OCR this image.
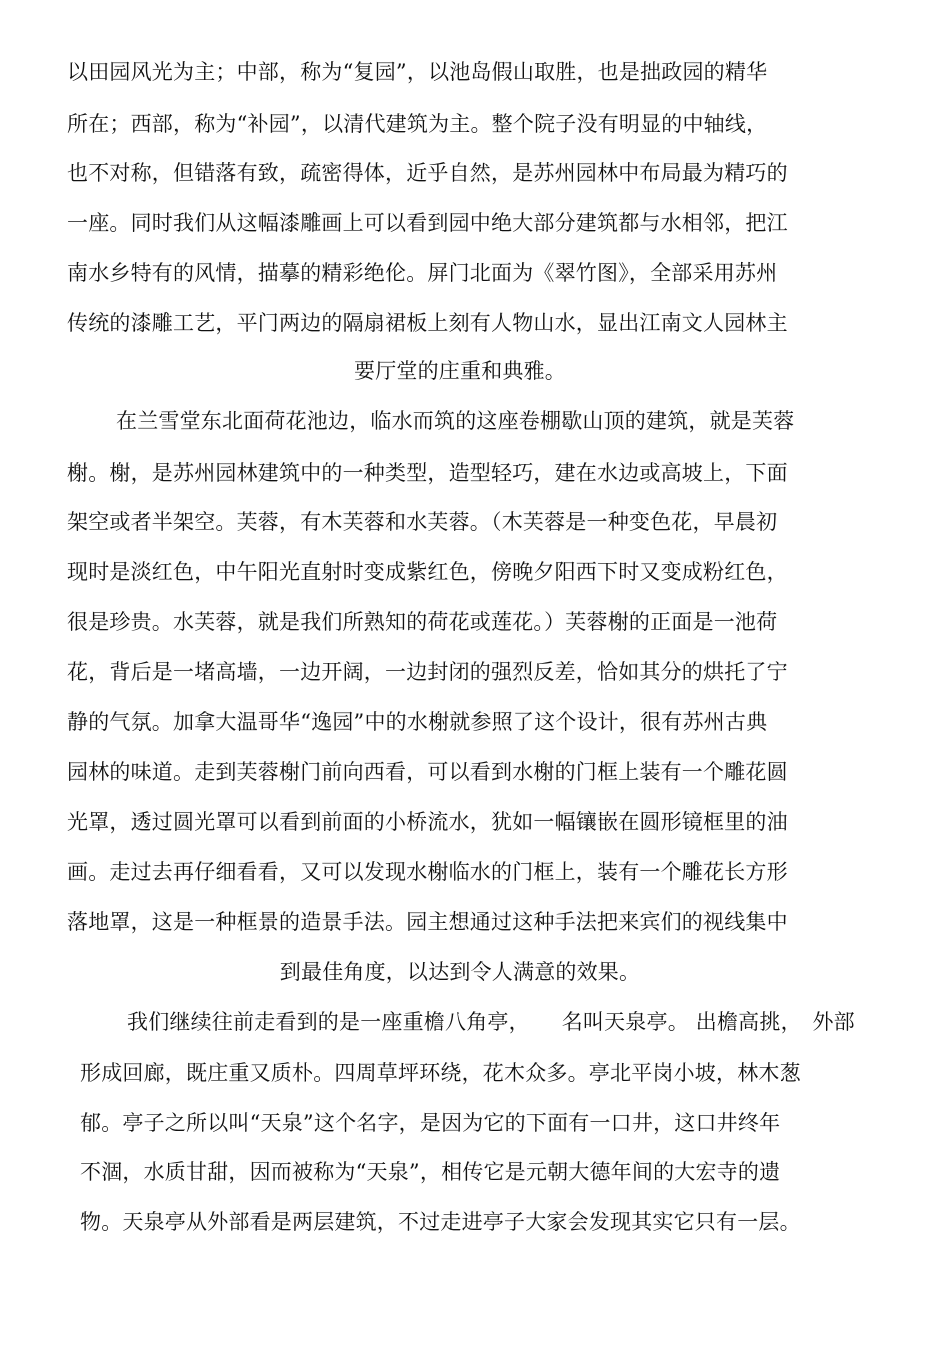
以田园风光为主；中部，称为“复园”，以池岛假山取胜，也是拙政园的精华
所在；西部，称为“补园”，以清代建筑为主。整个院子没有明显的中轴线，
也不对称，但错落有致，疏密得体，近乎自然，是苏州园林中布局最为精巧的
一座。同时我们从这幅漆雕画上可以看到园中绝大部分建筑都与水相邻，把江
南水乡特有的风情，描摹的精彩绝伦。屏门北面为《翠竹图》，全部采用苏州
传统的漆雕工艺，平门两边的隔扇裙板上刻有人物山水，显出江南文人园林主
要厅堂的庄重和典雅。
在兰雪堂东北面荷花池边，临水而筑的这座卷棚歇山顶的建筑，就是芙蓉
榭。榭，是苏州园林建筑中的一种类型，造型轻巧，建在水边或高坡上，下面
架空或者半架空。芙蓉，有木芙蓉和水芙蓉。（木芙蓉是一种变色花，早晨初
现时是淡红色，中午阳光直射时变成紫红色，傍晚夕阳西下时又变成粉红色，
很是珍贵。水芙蓉，就是我们所熟知的荷花或莲花。）芙蓉榭的正面是一池荷
花，背后是一堵高墙，一边开阔，一边封闭的强烈反差，恰如其分的烘托了宁
静的气氛。加拿大温哥华“逸园”中的水榭就参照了这个设计，很有苏州古典
园林的味道。走到芙蓉榭门前向西看，可以看到水榭的门框上装有一个雕花圆
光罩，透过圆光罩可以看到前面的小桥流水，犹如一幅镶嵌在圆形镜框里的油
画。走过去再仔细看看，又可以发现水榭临水的门框上，装有一个雕花长方形
落地罩，这是一种框景的造景手法。园主想通过这种手法把来宾们的视线集中
到最佳角度，以达到令人满意的效果。
我们继续往前走看到的是一座重檐八角亭，　　名叫天泉亭。 出檐高挑，　外部
形成回廊，既庄重又质朴。四周草坪环绕，花木众多。亭北平岗小坡，林木葱
郁。亭子之所以叫“天泉”这个名字，是因为它的下面有一口井，这口井终年
不涸，水质甘甜，因而被称为“天泉”，相传它是元朝大德年间的大宏寺的遗
物。天泉亭从外部看是两层建筑，不过走进亭子大家会发现其实它只有一层。
